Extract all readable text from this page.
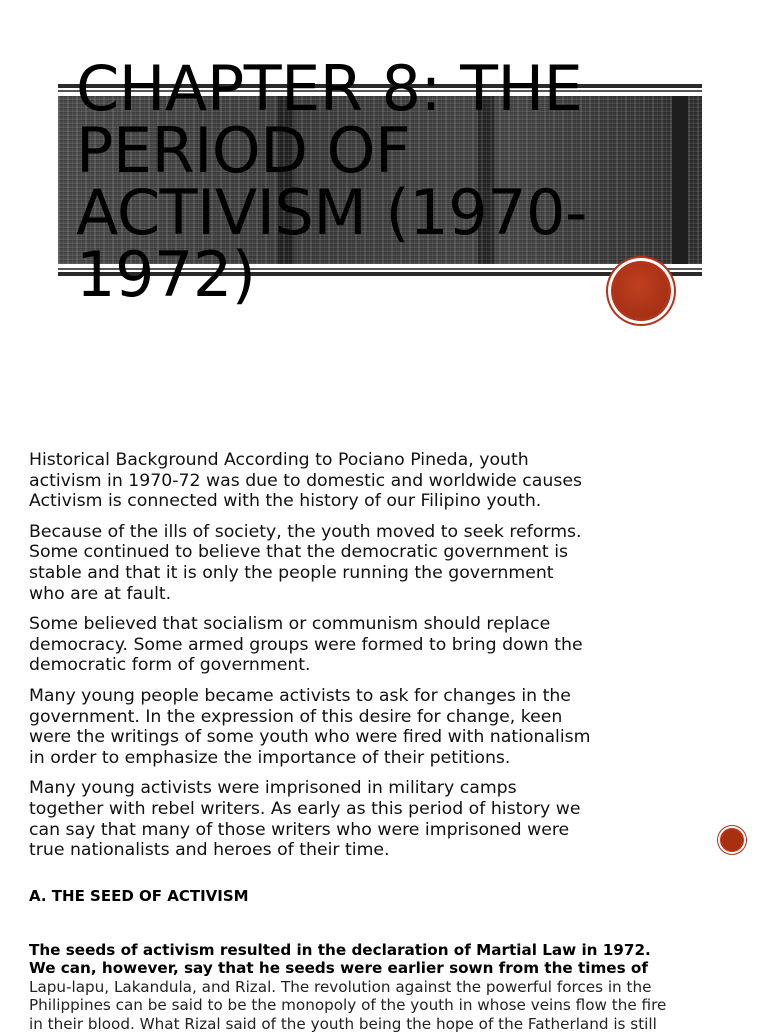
CHAPTER 8: THE
PERIOD OF
ACTIVISM (1970-
1972)

Historical Background According to Pociano Pineda, youth
activism in 1970-72 was due to domestic and worldwide causes
Activism is connected with the history of our Filipino youth.

Because of the ills of society, the youth moved to seek reforms.
Some continued to believe that the democratic government is
stable and that it is only the people running the government
who are at fault.

Some believed that socialism or communism should replace
democracy. Some armed groups were formed to bring down the
democratic form of government.

Many young people became activists to ask for changes in the
government. In the expression of this desire for change, keen
were the writings of some youth who were fired with nationalism
in order to emphasize the importance of their petitions.

Many young activists were imprisoned in military camps
together with rebel writers. As early as this period of history we
can say that many of those writers who were imprisoned were
true nationalists and heroes of their time.

A. THE SEED OF ACTIVISM

The seeds of activism resulted in the declaration of Martial Law in 1972.
We can, however, say that he seeds were earlier sown from the times of
Lapu-lapu, Lakandula, and Rizal. The revolution against the powerful forces in the
Philippines can be said to be the monopoly of the youth in whose veins flow the fire
in their blood. What Rizal said of the youth being the hope of the Fatherland is still
